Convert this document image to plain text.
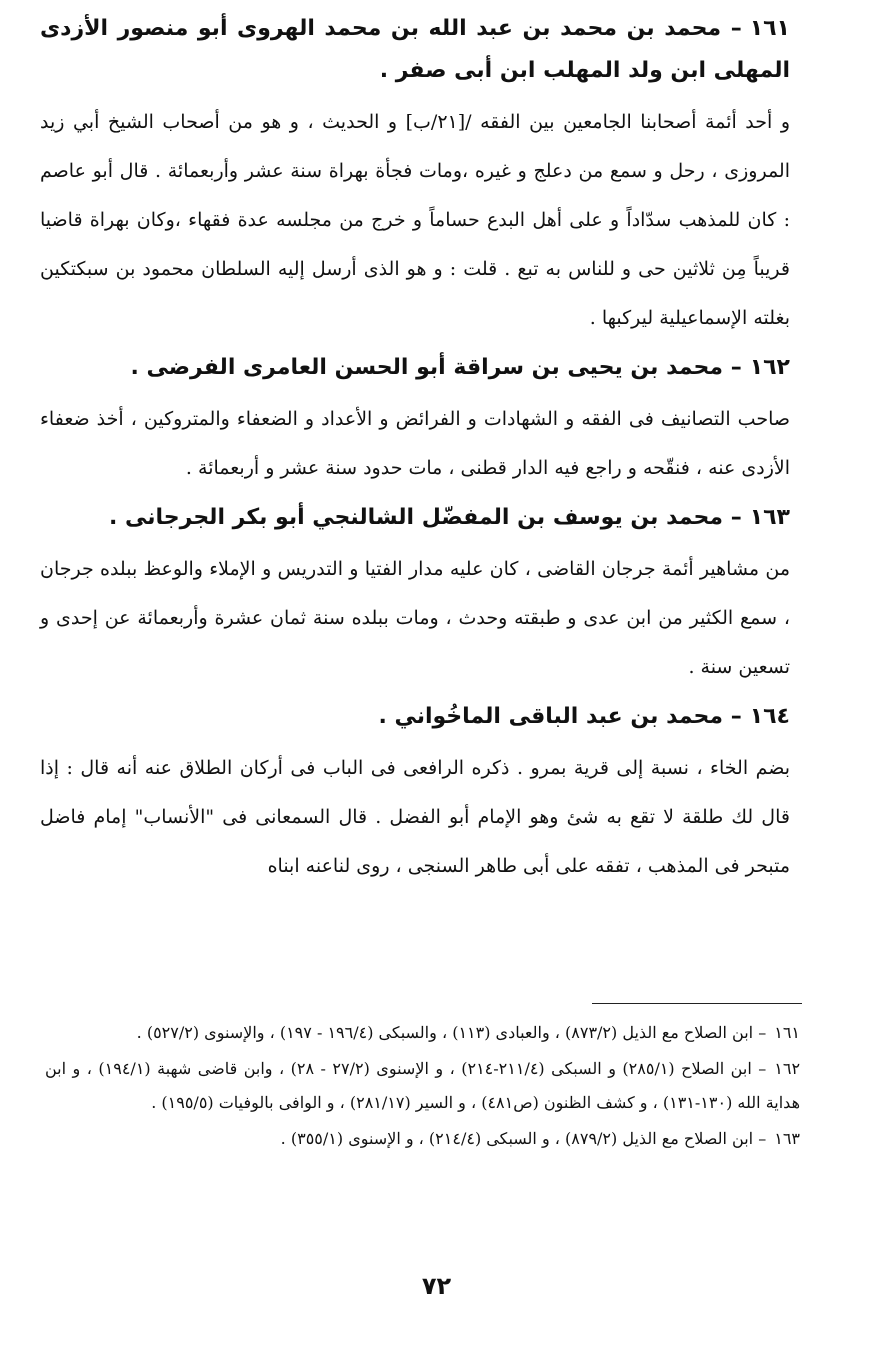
١٦١– محمد بن محمد بن عبد الله بن محمد الهروى أبو منصور الأزدى المهلى ابن ولد المهلب ابن أبى صفر .

و أحد أئمة أصحابنا الجامعين بين الفقه /[٢١/ب] و الحديث ، و هو من أصحاب الشيخ أبي زيد المروزى ، رحل و سمع من دعلج و غيره ،ومات فجأة بهراة سنة عشر وأربعمائة . قال أبو عاصم : كان للمذهب سدّاداً و على أهل البدع حساماً و خرج من مجلسه عدة فقهاء ،وكان بهراة قاضيا قريباً مِن ثلاثين حى و للناس به تبع . قلت : و هو الذى أرسل إليه السلطان محمود بن سبكتكين بغلته الإسماعيلية ليركبها .

١٦٢– محمد بن يحيى بن سراقة أبو الحسن العامرى الفرضى .

صاحب التصانيف فى الفقه و الشهادات و الفرائض و الأعداد و الضعفاء والمتروكين ، أخذ ضعفاء الأزدى عنه ، فنقّحه و راجع فيه الدار قطنى ، مات حدود سنة عشر و أربعمائة .

١٦٣– محمد بن يوسف بن المفضّل الشالنجي أبو بكر الجرجانى .

من مشاهير أئمة جرجان القاضى ، كان عليه مدار الفتيا و التدريس و الإملاء والوعظ ببلده جرجان ، سمع الكثير من ابن عدى و طبقته وحدث ، ومات ببلده سنة ثمان عشرة وأربعمائة عن إحدى و تسعين سنة .

١٦٤– محمد بن عبد الباقى الماخُواني .

بضم الخاء ، نسبة إلى قرية بمرو . ذكره الرافعى فى الباب فى أركان الطلاق عنه أنه قال : إذا قال لك طلقة لا تقع به شئ وهو الإمام أبو الفضل . قال السمعانى فى "الأنساب" إمام فاضل متبحر فى المذهب ، تفقه على أبى طاهر السنجى ، روى لناعنه ابناه

١٦١– ابن الصلاح مع الذيل (٨٧٣/٢) ، والعبادى (١١٣) ، والسبكى (١٩٦/٤ - ١٩٧) ، والإسنوى (٥٢٧/٢) .

١٦٢– ابن الصلاح (٢٨٥/١) و السبكى (٢١١/٤-٢١٤) ، و الإسنوى (٢٧/٢ - ٢٨) ، وابن قاضى شهبة (١٩٤/١) ، و ابن هداية الله (١٣٠-١٣١) ، و كشف الظنون (ص٤٨١) ، و السير (٢٨١/١٧) ، و الوافى بالوفيات (١٩٥/٥) .

١٦٣– ابن الصلاح مع الذيل (٨٧٩/٢) ، و السبكى (٢١٤/٤) ، و الإسنوى (٣٥٥/١) .

٧٢
